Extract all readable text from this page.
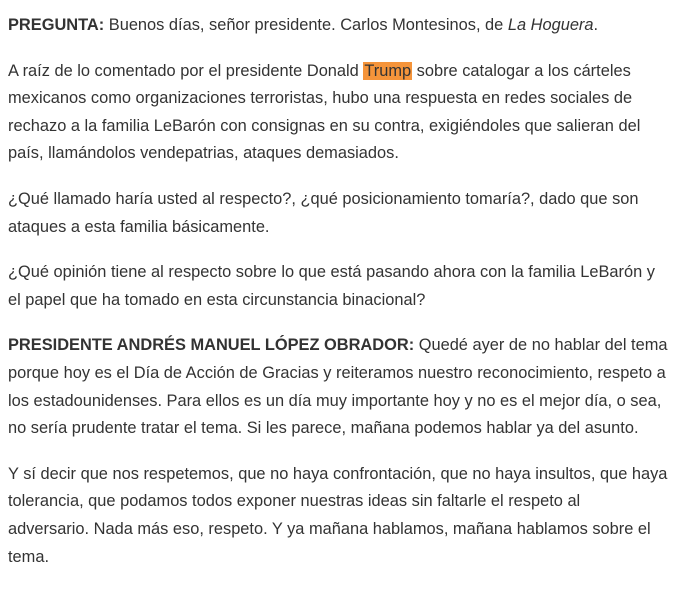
PREGUNTA: Buenos días, señor presidente. Carlos Montesinos, de La Hoguera.

A raíz de lo comentado por el presidente Donald Trump sobre catalogar a los cárteles
mexicanos como organizaciones terroristas, hubo una respuesta en redes sociales de
rechazo a la familia LeBarón con consignas en su contra, exigiéndoles que salieran del
país, llamándolos vendepatrias, ataques demasiados.

¿Qué llamado haría usted al respecto?, ¿qué posicionamiento tomaría?, dado que son
ataques a esta familia básicamente.

¿Qué opinión tiene al respecto sobre lo que está pasando ahora con la familia LeBarón y
el papel que ha tomado en esta circunstancia binacional?

PRESIDENTE ANDRÉS MANUEL LÓPEZ OBRADOR: Quedé ayer de no hablar del tema
porque hoy es el Día de Acción de Gracias y reiteramos nuestro reconocimiento, respeto a
los estadounidenses. Para ellos es un día muy importante hoy y no es el mejor día, o sea,
no sería prudente tratar el tema. Si les parece, mañana podemos hablar ya del asunto.

Y sí decir que nos respetemos, que no haya confrontación, que no haya insultos, que haya
tolerancia, que podamos todos exponer nuestras ideas sin faltarle el respeto al
adversario. Nada más eso, respeto. Y ya mañana hablamos, mañana hablamos sobre el
tema.
